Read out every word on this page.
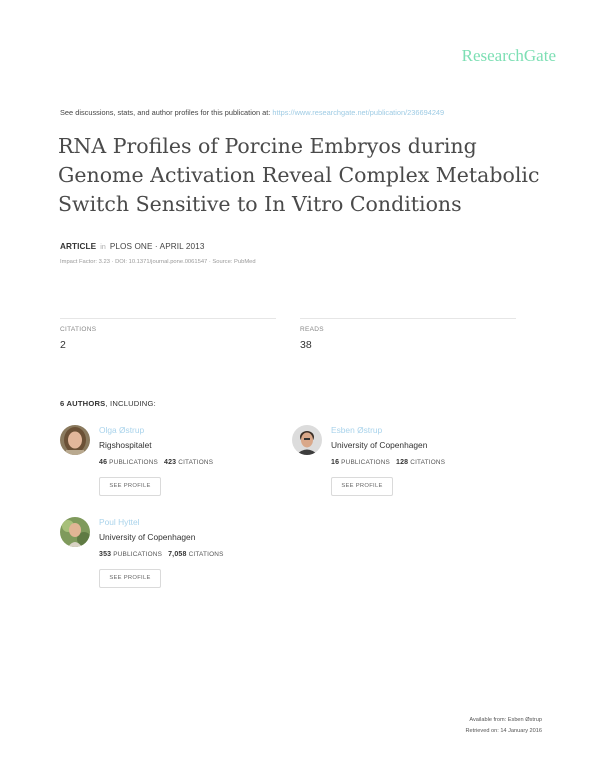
ResearchGate
See discussions, stats, and author profiles for this publication at: https://www.researchgate.net/publication/236694249
RNA Profiles of Porcine Embryos during Genome Activation Reveal Complex Metabolic Switch Sensitive to In Vitro Conditions
ARTICLE in PLOS ONE · APRIL 2013
Impact Factor: 3.23 · DOI: 10.1371/journal.pone.0061547 · Source: PubMed
CITATIONS
2
READS
38
6 AUTHORS, INCLUDING:
Olga Østrup
Rigshospitalet
46 PUBLICATIONS 423 CITATIONS
SEE PROFILE
Esben Østrup
University of Copenhagen
16 PUBLICATIONS 128 CITATIONS
SEE PROFILE
Poul Hyttel
University of Copenhagen
353 PUBLICATIONS 7,058 CITATIONS
SEE PROFILE
Available from: Esben Østrup
Retrieved on: 14 January 2016
